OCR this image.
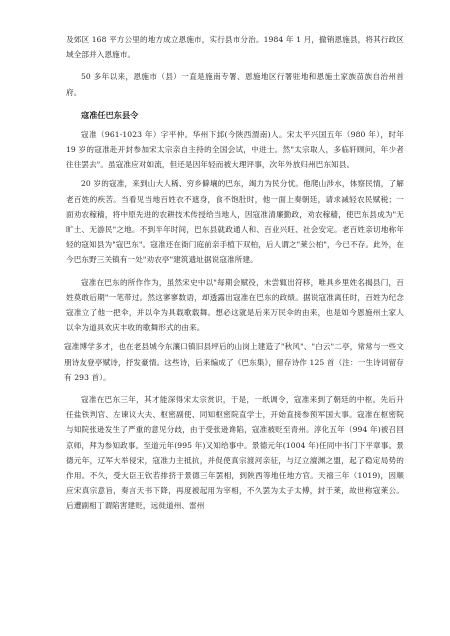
及郊区 168 平方公里的地方成立恩施市，实行县市分治。1984 年 1 月，撤销恩施县，将其行政区域全部并入恩施市。

50 多年以来，恩施市（县）一直是施南专署、恩施地区行署驻地和恩施土家族苗族自治州首府。

寇准任巴东县令

寇准（961-1023 年）字平仲。华州下邽(今陕西渭南)人。宋太平兴国五年（980 年），时年 19 岁的寇准赴开封参加宋太宗亲自主持的全国会试，中进士。然"太宗取人，多临轩顾问，年少者往往罢去"。虽寇准应对如流，但还是因年轻而被大理评事，次年外放归州巴东知县。

20 岁的寇准，来到山大人稀、穷乡僻壤的巴东，竭力为民分忧。他爬山涉水，体察民情，了解老百姓的疾苦。当看见当地百姓衣不遮身，食不饱肚时，他一面上奏朝廷，请求减轻农民赋税；一面劝农稼穑，将中原先进的农耕技术传授给当地人，因寇准清廉勤政，劝农稼穑，使巴东县成为"无旷土、无游民"之地。不到半年时间，巴东县就政通人和、百业兴旺、社会安定。老百姓亲切地称年轻的寇知县为"寇巴东"。寇准还在衙门庭前亲手植下双柏，后人谓之"莱公柏"，今已不存。此外，在今巴东野三关镇有一处"劝农亭"建筑遗址据说寇准所建。

寇准在巴东的所作作为，虽然宋史中以"每期会赋役，未尝辄出符移，唯具乡里姓名揭县门，百姓莫敢后期"一笔带过。然这寥寥数语，却透露出寇准在巴东的政绩。据说寇准离任时，百姓为纪念寇准立了他一把伞，并以伞为具载歌载舞。想必这就是后来万民伞的由来，也是如今恩施州土家人以伞为道具欢庆丰收的歌舞形式的由来。

寇准博学多才，也在老县城今东瀼口镇旧县坪后的山岗上建造了"秋风"、"白云"二亭，常常与一些文朋诗友登亭赋诗，抒发豪情。这些诗，后来编成了《巴东集》，留存诗作 125 首（注：一生诗词留存有 293 首）。

寇准在巴东三年，其才能深得宋太宗赏识，于是，一纸调令，寇准来到了朝廷的中枢。先后升任盐铁判官、左谏议大夫、枢密副使、同知枢密院直学士，开始直接参预军国大事。寇准在枢密院与知院张逊发生了严重的意见分歧，由于受张逊谗陷，寇准被贬至青州。淳化五年（994 年)被召回京师，拜为参知政事。至道元年(995 年)又知给事中。景德元年(1004 年)任同中书门下平章事。景德元年，辽军大举侵宋，寇准力主抵抗，并促使真宗渡河亲征，与辽立澶渊之盟，起了稳定局势的作用。不久，受大臣王钦若排挤于景德三年罢相，到陕西等地任地方官。天禧三年（1019)，因顺应宋真宗意旨，奏言天书下降，再度被起用为宰相，不久罢为太子太傅，封于莱，故世称寇莱公。后遭副相丁谓陷害建贬，远徙道州、雷州
